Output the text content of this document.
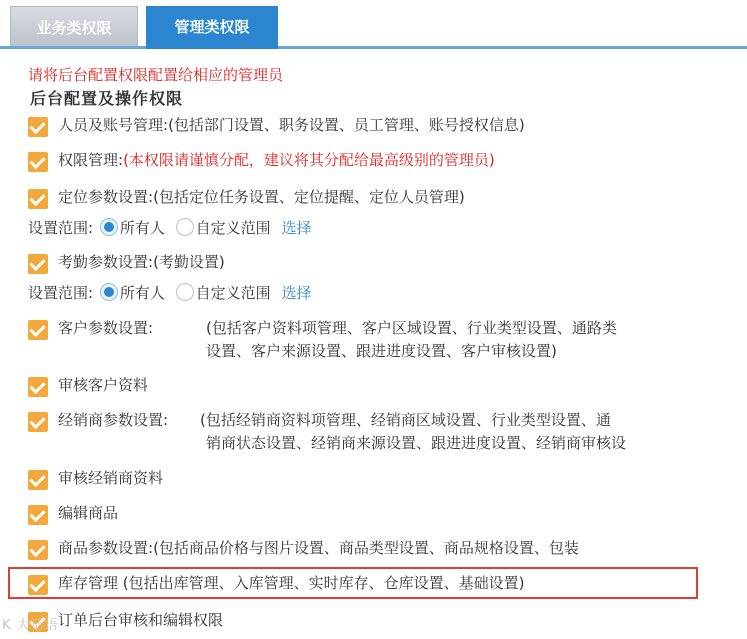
业务类权限	管理类权限
请将后台配置权限配置给相应的管理员
后台配置及操作权限
人员及账号管理:(包括部门设置、职务设置、员工管理、账号授权信息)
权限管理:(本权限请谨慎分配，建议将其分配给最高级别的管理员)
定位参数设置:(包括定位任务设置、定位提醒、定位人员管理)
设置范围: 所有人 自定义范围 选择
考勤参数设置:(考勤设置)
设置范围: 所有人 自定义范围 选择
客户参数设置:	(包括客户资料项管理、客户区域设置、行业类型设置、通路类
设置、客户来源设置、跟进进度设置、客户审核设置)
审核客户资料
经销商参数设置: (包括经销商资料项管理、经销商区域设置、行业类型设置、通
销商状态设置、经销商来源设置、跟进进度设置、经销商审核设
审核经销商资料
编辑商品
商品参数设置:(包括商品价格与图片设置、商品类型设置、商品规格设置、包装
库存管理 (包括出库管理、入库管理、实时库存、仓库设置、基础设置)
订单后台审核和编辑权限
K 大话语
